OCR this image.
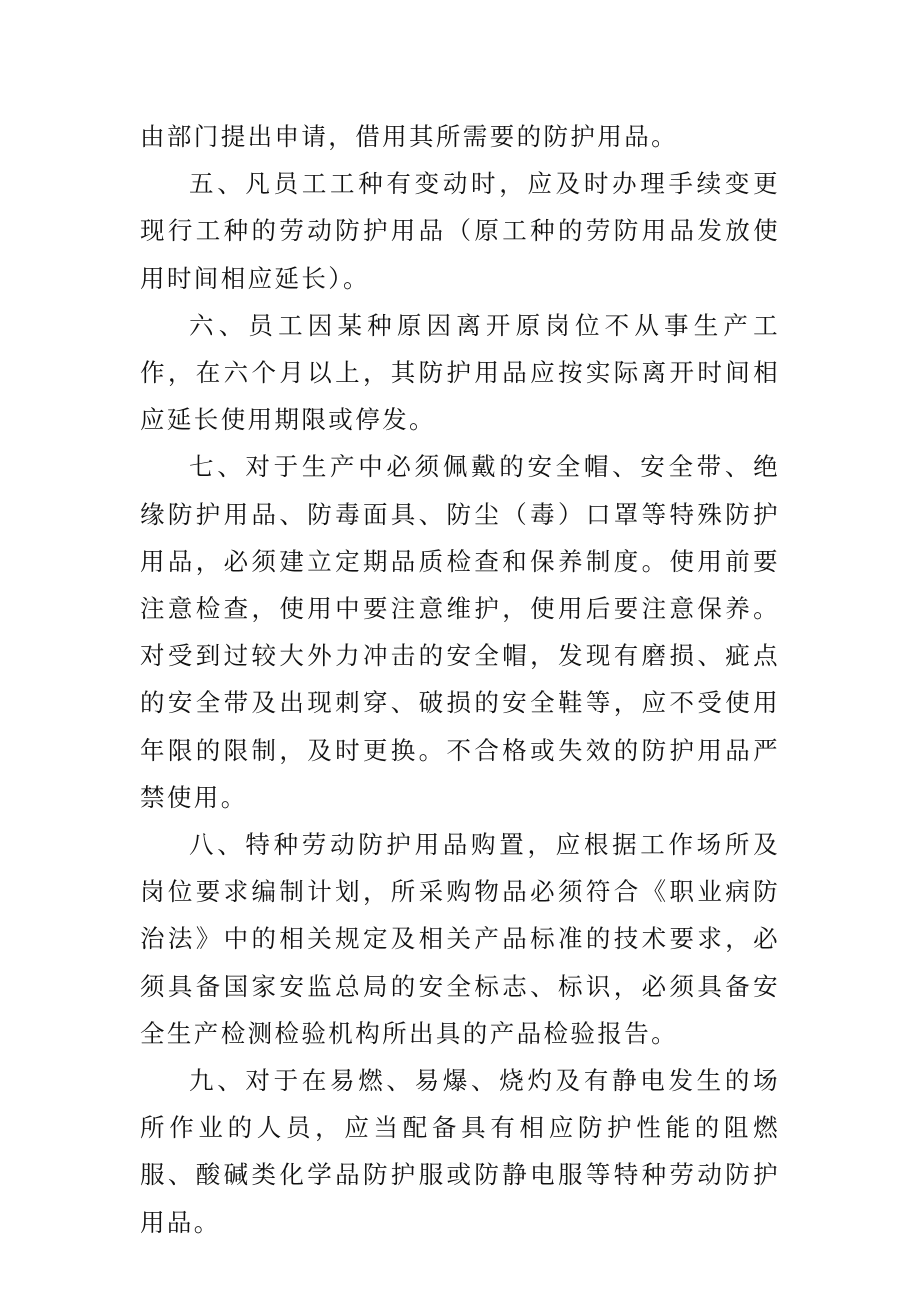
由部门提出申请，借用其所需要的防护用品。

五、凡员工工种有变动时，应及时办理手续变更现行工种的劳动防护用品（原工种的劳防用品发放使用时间相应延长）。

六、员工因某种原因离开原岗位不从事生产工作，在六个月以上，其防护用品应按实际离开时间相应延长使用期限或停发。

七、对于生产中必须佩戴的安全帽、安全带、绝缘防护用品、防毒面具、防尘（毒）口罩等特殊防护用品，必须建立定期品质检查和保养制度。使用前要注意检查，使用中要注意维护，使用后要注意保养。对受到过较大外力冲击的安全帽，发现有磨损、疵点的安全带及出现刺穿、破损的安全鞋等，应不受使用年限的限制，及时更换。不合格或失效的防护用品严禁使用。

八、特种劳动防护用品购置，应根据工作场所及岗位要求编制计划，所采购物品必须符合《职业病防治法》中的相关规定及相关产品标准的技术要求，必须具备国家安监总局的安全标志、标识，必须具备安全生产检测检验机构所出具的产品检验报告。

九、对于在易燃、易爆、烧灼及有静电发生的场所作业的人员，应当配备具有相应防护性能的阻燃服、酸碱类化学品防护服或防静电服等特种劳动防护用品。
